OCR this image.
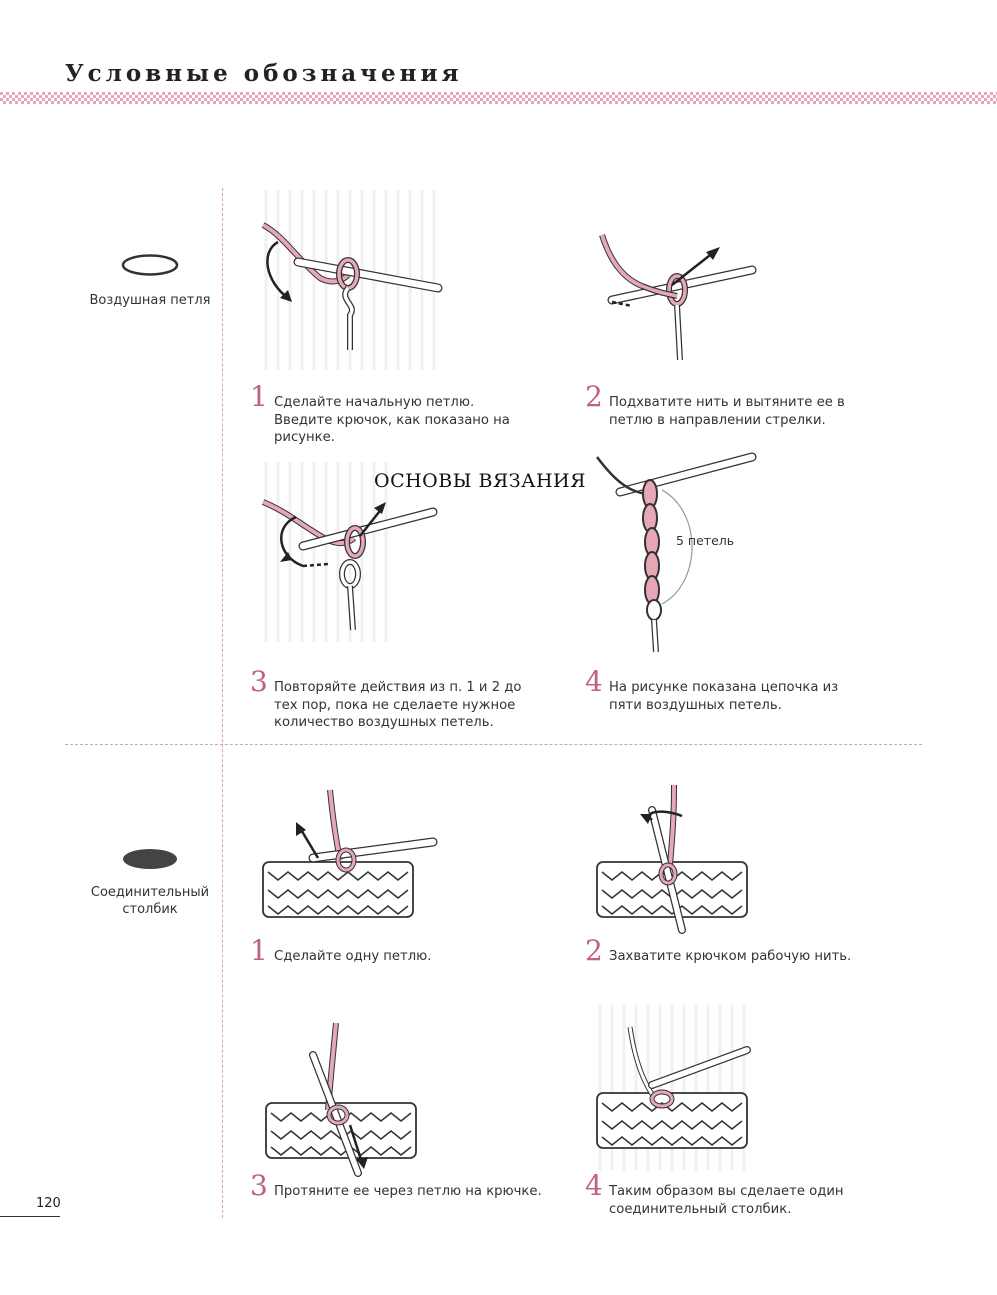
Условные обозначения
Воздушная петля
1 Сделайте начальную петлю. Введите крючок, как показано на рисунке.
2 Подхватите нить и вытяните ее в петлю в направлении стрелки.
ОСНОВЫ ВЯЗАНИЯ
3 Повторяйте действия из п. 1 и 2 до тех пор, пока не сделаете нужное количество воздушных петель.
5 петель
4 На рисунке показана цепочка из пяти воздушных петель.
Соединительный столбик
1 Сделайте одну петлю.	2 Захватите крючком рабочую нить.
3 Протяните ее через петлю на крючке. 4 Таким образом вы сделаете один соединительный столбик.
120
